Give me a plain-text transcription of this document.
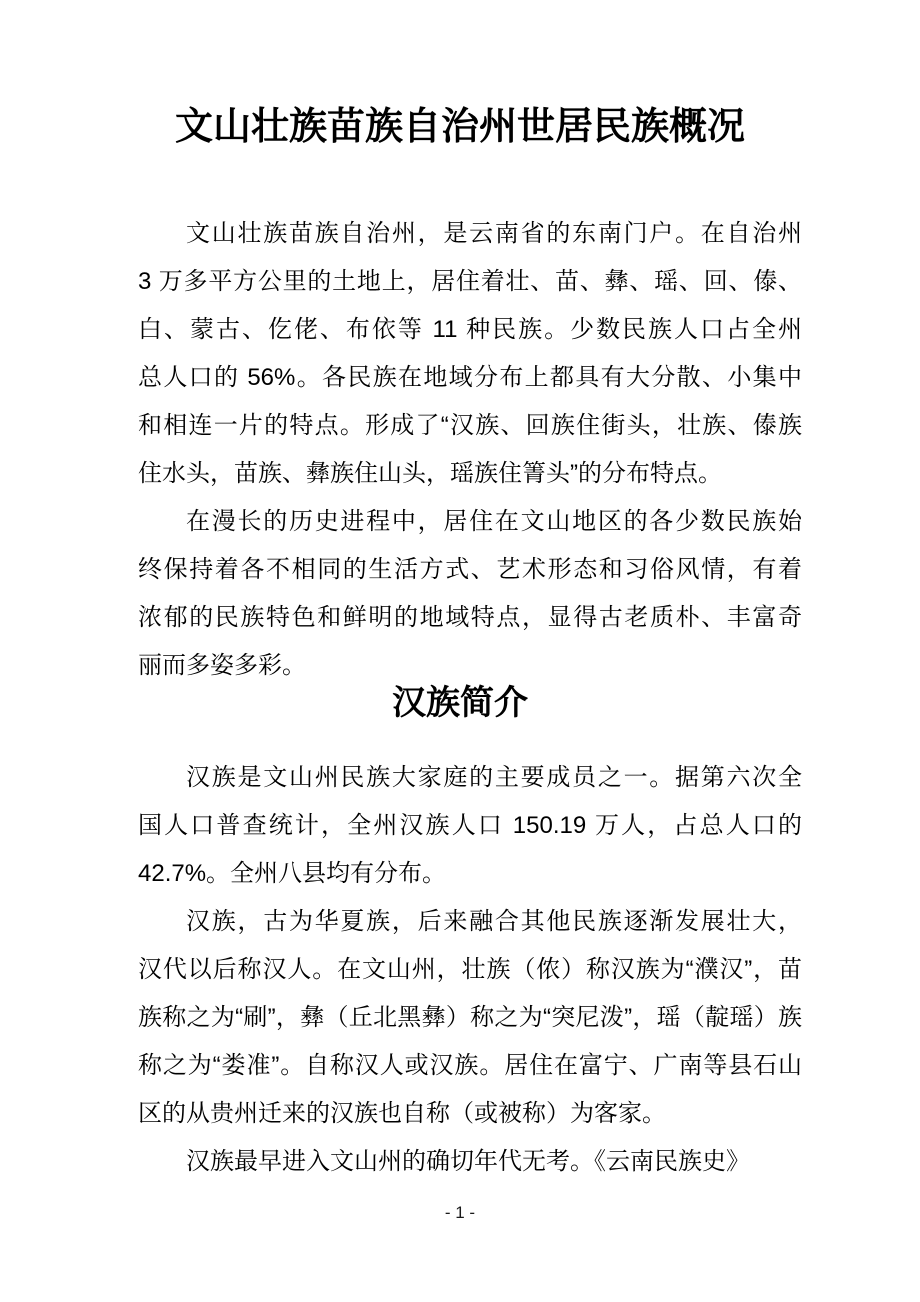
文山壮族苗族自治州世居民族概况
文山壮族苗族自治州，是云南省的东南门户。在自治州
3 万多平方公里的土地上，居住着壮、苗、彝、瑶、回、傣、
白、蒙古、仡佬、布依等 11 种民族。少数民族人口占全州
总人口的 56%。各民族在地域分布上都具有大分散、小集中
和相连一片的特点。形成了“汉族、回族住街头，壮族、傣族
住水头，苗族、彝族住山头，瑶族住箐头”的分布特点。
在漫长的历史进程中，居住在文山地区的各少数民族始
终保持着各不相同的生活方式、艺术形态和习俗风情，有着
浓郁的民族特色和鲜明的地域特点，显得古老质朴、丰富奇
丽而多姿多彩。
汉族简介
汉族是文山州民族大家庭的主要成员之一。据第六次全
国人口普查统计，全州汉族人口 150.19 万人，占总人口的
42.7%。全州八县均有分布。
汉族，古为华夏族，后来融合其他民族逐渐发展壮大，
汉代以后称汉人。在文山州，壮族（侬）称汉族为“濮汉”，苗
族称之为“刷”，彝（丘北黑彝）称之为“突尼泼”，瑶（靛瑶）族
称之为“娄准”。自称汉人或汉族。居住在富宁、广南等县石山
区的从贵州迁来的汉族也自称（或被称）为客家。
汉族最早进入文山州的确切年代无考。《云南民族史》
- 1 -
